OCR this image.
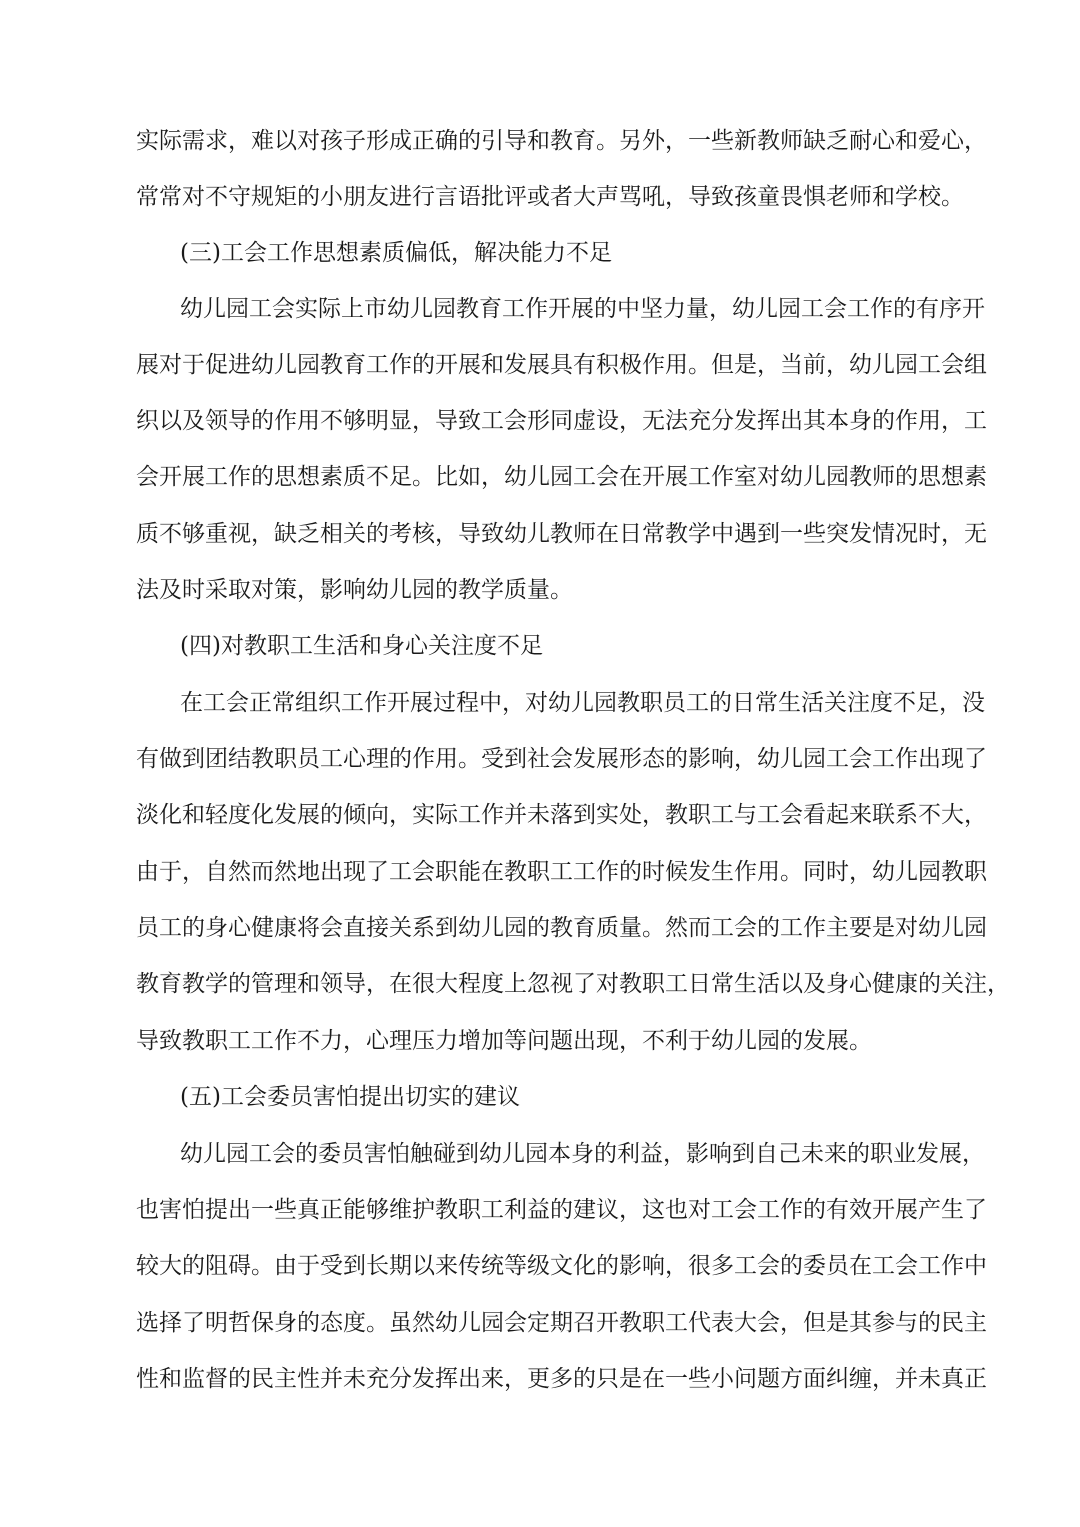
实际需求，难以对孩子形成正确的引导和教育。另外，一些新教师缺乏耐心和爱心，
常常对不守规矩的小朋友进行言语批评或者大声骂吼，导致孩童畏惧老师和学校。
(三)工会工作思想素质偏低，解决能力不足
幼儿园工会实际上市幼儿园教育工作开展的中坚力量，幼儿园工会工作的有序开
展对于促进幼儿园教育工作的开展和发展具有积极作用。但是，当前，幼儿园工会组
织以及领导的作用不够明显，导致工会形同虚设，无法充分发挥出其本身的作用，工
会开展工作的思想素质不足。比如，幼儿园工会在开展工作室对幼儿园教师的思想素
质不够重视，缺乏相关的考核，导致幼儿教师在日常教学中遇到一些突发情况时，无
法及时采取对策，影响幼儿园的教学质量。
(四)对教职工生活和身心关注度不足
在工会正常组织工作开展过程中，对幼儿园教职员工的日常生活关注度不足，没
有做到团结教职员工心理的作用。受到社会发展形态的影响，幼儿园工会工作出现了
淡化和轻度化发展的倾向，实际工作并未落到实处，教职工与工会看起来联系不大，
由于，自然而然地出现了工会职能在教职工工作的时候发生作用。同时，幼儿园教职
员工的身心健康将会直接关系到幼儿园的教育质量。然而工会的工作主要是对幼儿园
教育教学的管理和领导，在很大程度上忽视了对教职工日常生活以及身心健康的关注，
导致教职工工作不力，心理压力增加等问题出现，不利于幼儿园的发展。
(五)工会委员害怕提出切实的建议
幼儿园工会的委员害怕触碰到幼儿园本身的利益，影响到自己未来的职业发展，
也害怕提出一些真正能够维护教职工利益的建议，这也对工会工作的有效开展产生了
较大的阻碍。由于受到长期以来传统等级文化的影响，很多工会的委员在工会工作中
选择了明哲保身的态度。虽然幼儿园会定期召开教职工代表大会，但是其参与的民主
性和监督的民主性并未充分发挥出来，更多的只是在一些小问题方面纠缠，并未真正
